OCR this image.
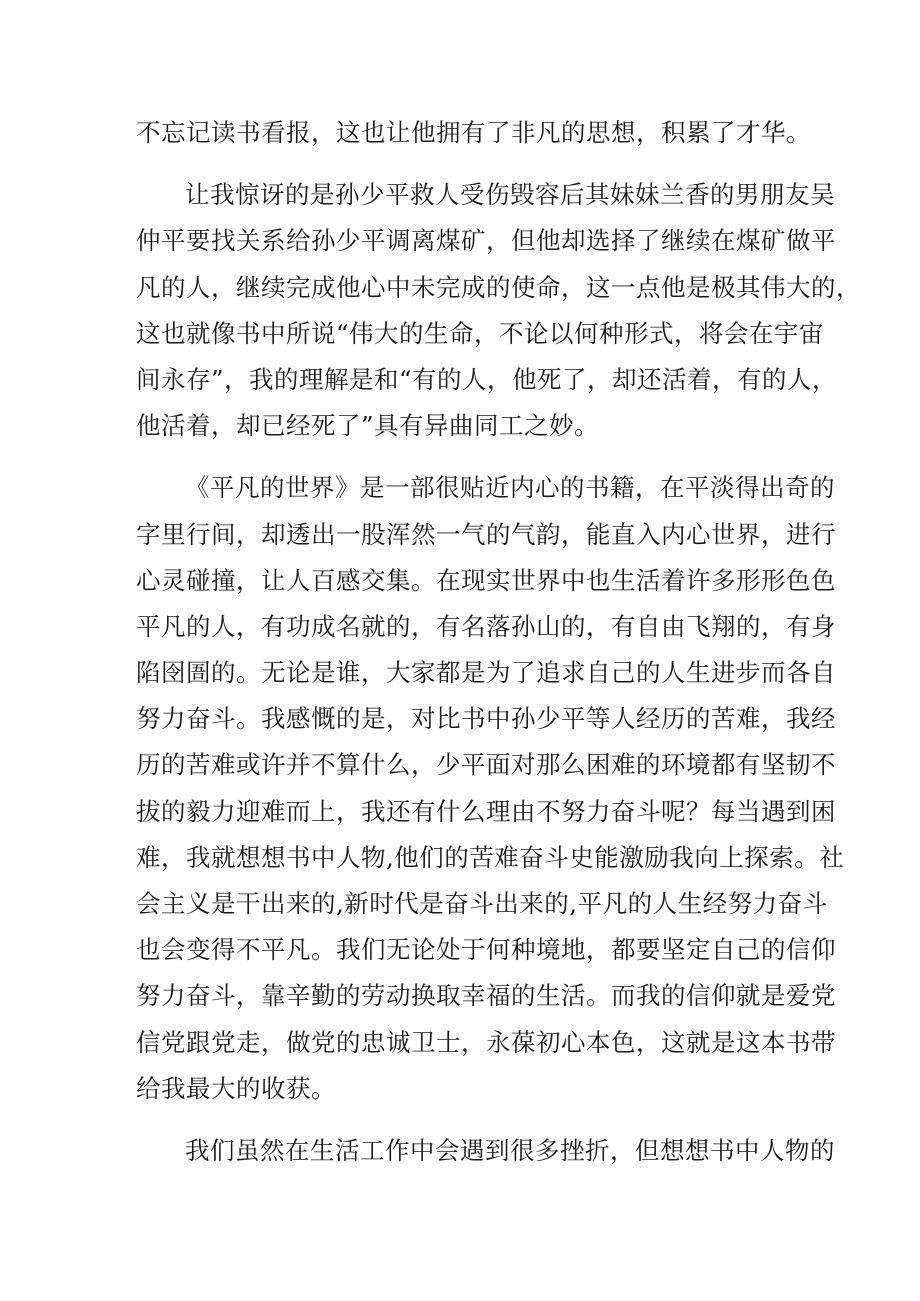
不忘记读书看报，这也让他拥有了非凡的思想，积累了才华。
让我惊讶的是孙少平救人受伤毁容后其妹妹兰香的男朋友吴
仲平要找关系给孙少平调离煤矿，但他却选择了继续在煤矿做平
凡的人，继续完成他心中未完成的使命，这一点他是极其伟大的，
这也就像书中所说“伟大的生命，不论以何种形式，将会在宇宙
间永存”，我的理解是和“有的人，他死了，却还活着，有的人，
他活着，却已经死了”具有异曲同工之妙。
《平凡的世界》是一部很贴近内心的书籍，在平淡得出奇的
字里行间，却透出一股浑然一气的气韵，能直入内心世界，进行
心灵碰撞，让人百感交集。在现实世界中也生活着许多形形色色
平凡的人，有功成名就的，有名落孙山的，有自由飞翔的，有身
陷囹圄的。无论是谁，大家都是为了追求自己的人生进步而各自
努力奋斗。我感慨的是，对比书中孙少平等人经历的苦难，我经
历的苦难或许并不算什么，少平面对那么困难的环境都有坚韧不
拔的毅力迎难而上，我还有什么理由不努力奋斗呢？每当遇到困
难，我就想想书中人物,他们的苦难奋斗史能激励我向上探索。社
会主义是干出来的,新时代是奋斗出来的,平凡的人生经努力奋斗
也会变得不平凡。我们无论处于何种境地，都要坚定自己的信仰
努力奋斗，靠辛勤的劳动换取幸福的生活。而我的信仰就是爱党
信党跟党走，做党的忠诚卫士，永葆初心本色，这就是这本书带
给我最大的收获。
我们虽然在生活工作中会遇到很多挫折，但想想书中人物的
